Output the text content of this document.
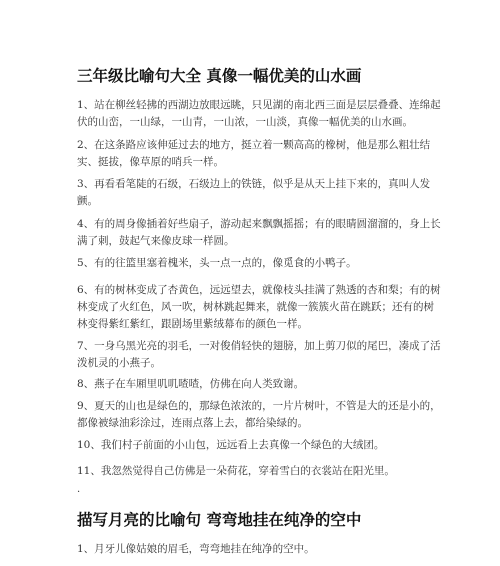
三年级比喻句大全 真像一幅优美的山水画

1、站在柳丝轻拂的西湖边放眼远眺，只见湖的南北西三面是层层叠叠、连绵起伏的山峦，一山绿，一山青，一山浓，一山淡，真像一幅优美的山水画。

2、在这条路应该伸延过去的地方，挺立着一颗高高的橡树，他是那么粗壮结实、挺拔，像草原的哨兵一样。

3、再看看笔陡的石级，石级边上的铁链，似乎是从天上挂下来的，真叫人发颤。

4、有的周身像插着好些扇子，游动起来飘飘摇摇；有的眼睛圆溜溜的，身上长满了刺，鼓起气来像皮球一样圆。

5、有的往篮里塞着槐米，头一点一点的，像觅食的小鸭子。

6、有的树林变成了杏黄色，远远望去，就像枝头挂满了熟透的杏和梨；有的树林变成了火红色，风一吹，树林跳起舞来，就像一簇簇火苗在跳跃；还有的树林变得紫红紫红，跟剧场里紫绒幕布的颜色一样。

7、一身乌黑光亮的羽毛，一对俊俏轻快的翅膀，加上剪刀似的尾巴，凑成了活泼机灵的小燕子。

8、燕子在车厢里叽叽喳喳，仿佛在向人类致谢。

9、夏天的山也是绿色的，那绿色浓浓的，一片片树叶，不管是大的还是小的，都像被绿油彩涂过，连雨点落上去，都给染绿的。

10、我们村子前面的小山包，远远看上去真像一个绿色的大绒团。

11、我忽然觉得自己仿佛是一朵荷花，穿着雪白的衣裳站在阳光里。

.
描写月亮的比喻句 弯弯地挂在纯净的空中

1、月牙儿像姑娘的眉毛，弯弯地挂在纯净的空中。
